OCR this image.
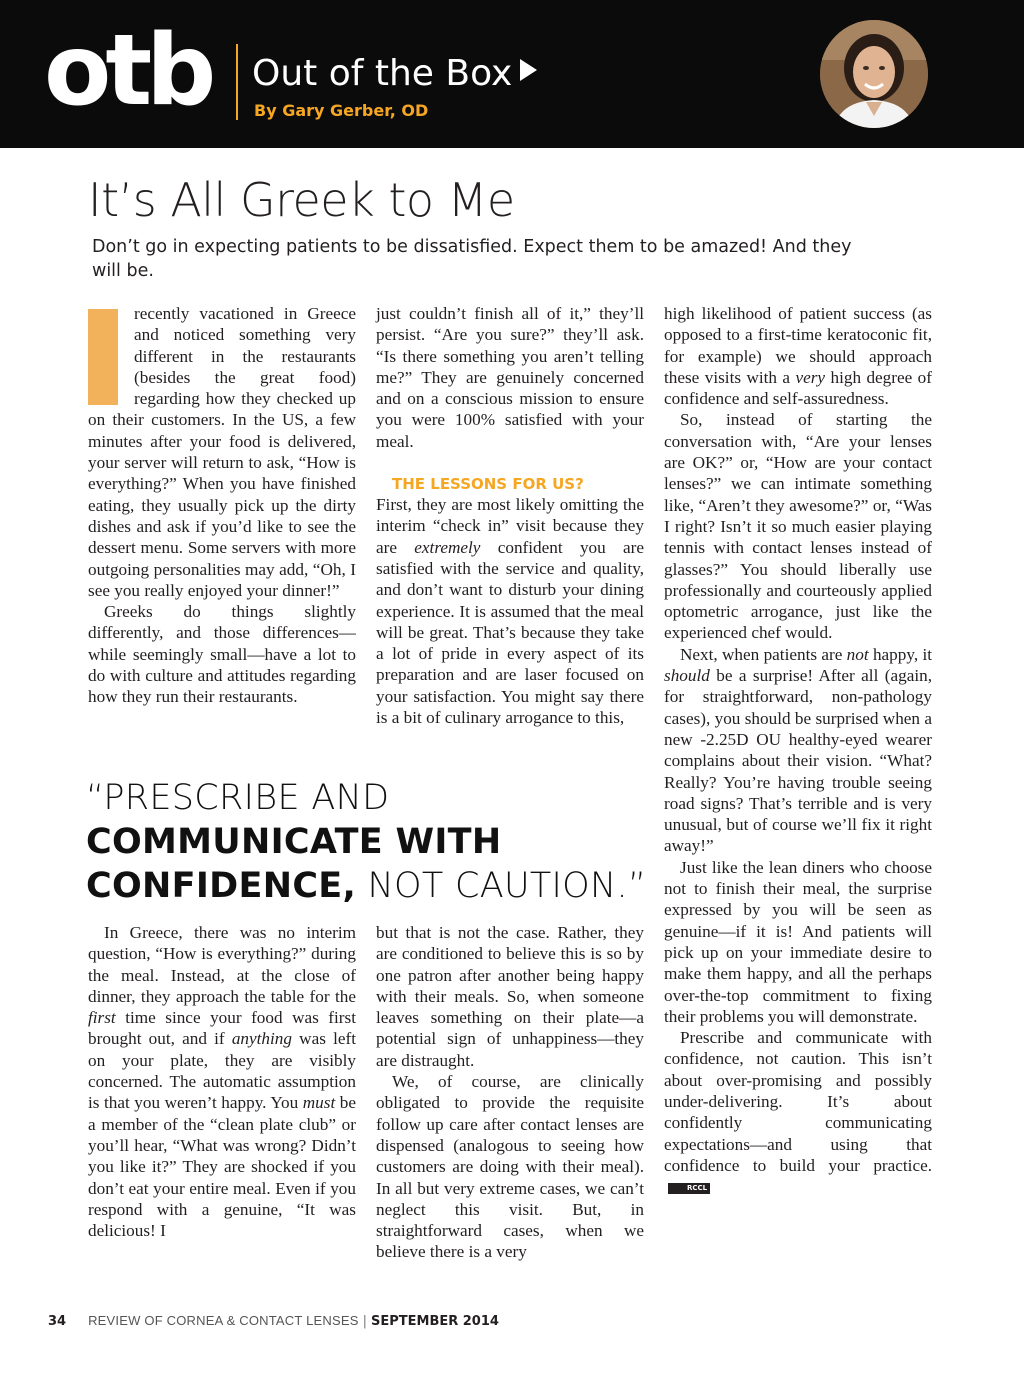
otb Out of the Box
By Gary Gerber, OD
It’s All Greek to Me
Don’t go in expecting patients to be dissatisfied. Expect them to be amazed! And they will be.

recently vacationed in Greece and noticed something very different in the restaurants (besides the great food) regarding how they checked up on their customers. In the US, a few minutes after your food is delivered, your server will return to ask, “How is everything?” When you have finished eating, they usually pick up the dirty dishes and ask if you’d like to see the dessert menu. Some servers with more outgoing personalities may add, “Oh, I see you really enjoyed your dinner!”

Greeks do things slightly differently, and those differences—while seemingly small—have a lot to do with culture and attitudes regarding how they run their restaurants.

just couldn’t finish all of it,” they’ll persist. “Are you sure?” they’ll ask. “Is there something you aren’t telling me?” They are genuinely concerned and on a conscious mission to ensure you were 100% satisfied with your meal.

THE LESSONS FOR US?

First, they are most likely omitting the interim “check in” visit because they are extremely confident you are satisfied with the service and quality, and don’t want to disturb your dining experience. It is assumed that the meal will be great. That’s because they take a lot of pride in every aspect of its preparation and are laser focused on your satisfaction. You might say there is a bit of culinary arrogance to this,

high likelihood of patient success (as opposed to a first-time keratoconic fit, for example) we should approach these visits with a very high degree of confidence and self-assuredness.

So, instead of starting the conversation with, “Are your lenses are OK?” or, “How are your contact lenses?” we can intimate something like, “Aren’t they awesome?” or, “Was I right? Isn’t it so much easier playing tennis with contact lenses instead of glasses?” You should liberally use professionally and courteously applied optometric arrogance, just like the experienced chef would.

Next, when patients are not happy, it should be a surprise! After all (again, for straightforward, non-pathology cases), you should be surprised when a new -2.25D OU healthy-eyed wearer complains about their vision. “What? Really? You’re having trouble seeing road signs? That’s terrible and is very unusual, but of course we’ll fix it right away!”

Just like the lean diners who choose not to finish their meal, the surprise expressed by you will be seen as genuine—if it is! And patients will pick up on your immediate desire to make them happy, and all the perhaps over-the-top commitment to fixing their problems you will demonstrate.

Prescribe and communicate with confidence, not caution. This isn’t about over-promising and possibly under-delivering. It’s about confidently communicating expectations—and using that confidence to build your practice.RCCL

“PRESCRIBE AND COMMUNICATE WITH CONFIDENCE, NOT CAUTION.”

In Greece, there was no interim question, “How is everything?” during the meal. Instead, at the close of dinner, they approach the table for the first time since your food was first brought out, and if anything was left on your plate, they are visibly concerned. The automatic assumption is that you weren’t happy. You must be a member of the “clean plate club” or you’ll hear, “What was wrong? Didn’t you like it?” They are shocked if you don’t eat your entire meal. Even if you respond with a genuine, “It was delicious! I

but that is not the case. Rather, they are conditioned to believe this is so by one patron after another being happy with their meals. So, when someone leaves something on their plate—a potential sign of unhappiness—they are distraught.

We, of course, are clinically obligated to provide the requisite follow up care after contact lenses are dispensed (analogous to seeing how customers are doing with their meal). In all but very extreme cases, we can’t neglect this visit. But, in straightforward cases, when we believe there is a very

34 REVIEW OF CORNEA & CONTACT LENSES | SEPTEMBER 2014
